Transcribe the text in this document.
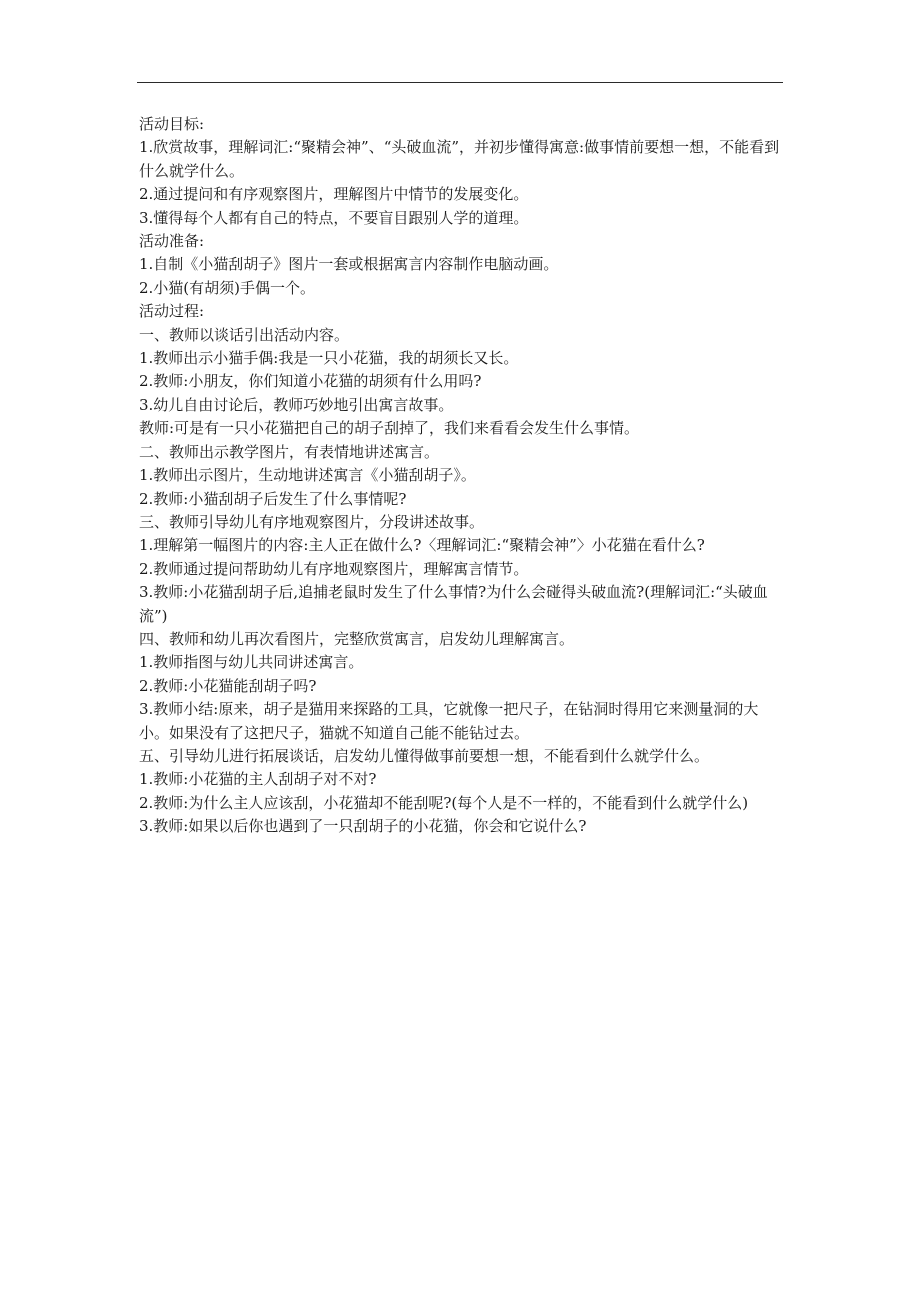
活动目标:

1.欣赏故事，理解词汇:“聚精会神”、“头破血流”，并初步懂得寓意:做事情前要想一想，不能看到什么就学什么。

2.通过提问和有序观察图片，理解图片中情节的发展变化。

3.懂得每个人都有自己的特点，不要盲目跟别人学的道理。

活动准备:

1.自制《小猫刮胡子》图片一套或根据寓言内容制作电脑动画。

2.小猫(有胡须)手偶一个。

活动过程:

一、教师以谈话引出活动内容。

1.教师出示小猫手偶:我是一只小花猫，我的胡须长又长。

2.教师:小朋友，你们知道小花猫的胡须有什么用吗?

3.幼儿自由讨论后，教师巧妙地引出寓言故事。

教师:可是有一只小花猫把自己的胡子刮掉了，我们来看看会发生什么事情。

二、教师出示教学图片，有表情地讲述寓言。

1.教师出示图片，生动地讲述寓言《小猫刮胡子》。

2.教师:小猫刮胡子后发生了什么事情呢?

三、教师引导幼儿有序地观察图片，分段讲述故事。

1.理解第一幅图片的内容:主人正在做什么?〈理解词汇:“聚精会神”〉小花猫在看什么?

2.教师通过提问帮助幼儿有序地观察图片，理解寓言情节。

3.教师:小花猫刮胡子后,追捕老鼠时发生了什么事情?为什么会碰得头破血流?(理解词汇:“头破血流”)

四、教师和幼儿再次看图片，完整欣赏寓言，启发幼儿理解寓言。

1.教师指图与幼儿共同讲述寓言。

2.教师:小花猫能刮胡子吗?

3.教师小结:原来，胡子是猫用来探路的工具，它就像一把尺子，在钻洞时得用它来测量洞的大小。如果没有了这把尺子，猫就不知道自己能不能钻过去。

五、引导幼儿进行拓展谈话，启发幼儿懂得做事前要想一想，不能看到什么就学什么。

1.教师:小花猫的主人刮胡子对不对?

2.教师:为什么主人应该刮，小花猫却不能刮呢?(每个人是不一样的，不能看到什么就学什么)

3.教师:如果以后你也遇到了一只刮胡子的小花猫，你会和它说什么?
